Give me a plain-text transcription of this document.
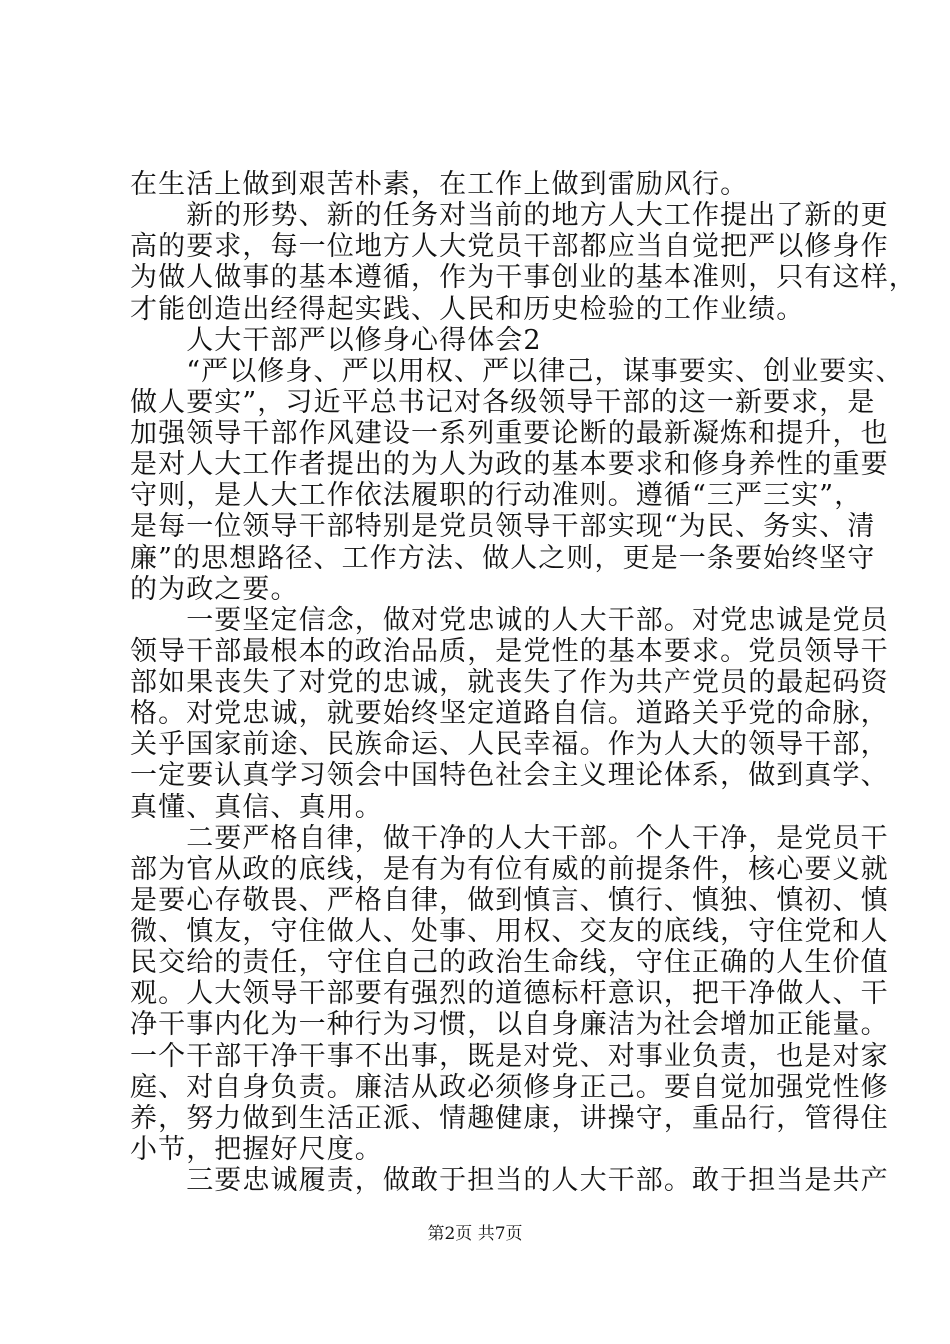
在生活上做到艰苦朴素，在工作上做到雷励风行。
　　新的形势、新的任务对当前的地方人大工作提出了新的更
高的要求，每一位地方人大党员干部都应当自觉把严以修身作
为做人做事的基本遵循，作为干事创业的基本准则，只有这样，
才能创造出经得起实践、人民和历史检验的工作业绩。
　　人大干部严以修身心得体会2
　　“严以修身、严以用权、严以律己，谋事要实、创业要实、
做人要实”，习近平总书记对各级领导干部的这一新要求，是
加强领导干部作风建设一系列重要论断的最新凝炼和提升，也
是对人大工作者提出的为人为政的基本要求和修身养性的重要
守则，是人大工作依法履职的行动准则。遵循“三严三实”，
是每一位领导干部特别是党员领导干部实现“为民、务实、清
廉”的思想路径、工作方法、做人之则，更是一条要始终坚守
的为政之要。
　　一要坚定信念，做对党忠诚的人大干部。对党忠诚是党员
领导干部最根本的政治品质，是党性的基本要求。党员领导干
部如果丧失了对党的忠诚，就丧失了作为共产党员的最起码资
格。对党忠诚，就要始终坚定道路自信。道路关乎党的命脉，
关乎国家前途、民族命运、人民幸福。作为人大的领导干部，
一定要认真学习领会中国特色社会主义理论体系，做到真学、
真懂、真信、真用。
　　二要严格自律，做干净的人大干部。个人干净，是党员干
部为官从政的底线，是有为有位有威的前提条件，核心要义就
是要心存敬畏、严格自律，做到慎言、慎行、慎独、慎初、慎
微、慎友，守住做人、处事、用权、交友的底线，守住党和人
民交给的责任，守住自己的政治生命线，守住正确的人生价值
观。人大领导干部要有强烈的道德标杆意识，把干净做人、干
净干事内化为一种行为习惯，以自身廉洁为社会增加正能量。
一个干部干净干事不出事，既是对党、对事业负责，也是对家
庭、对自身负责。廉洁从政必须修身正己。要自觉加强党性修
养，努力做到生活正派、情趣健康，讲操守，重品行，管得住
小节，把握好尺度。
　　三要忠诚履责，做敢于担当的人大干部。敢于担当是共产
第2页 共7页
